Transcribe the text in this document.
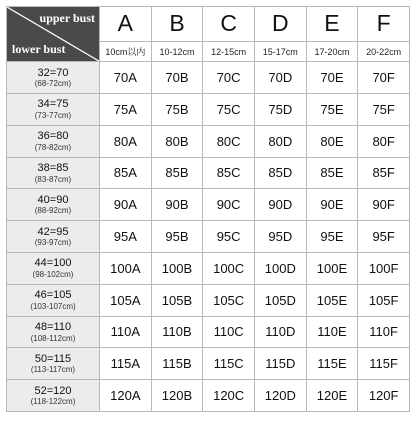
upper bust
lower bust	A	B	C	D	E	F
	10cm以内	10-12cm	12-15cm	15-17cm	17-20cm	20-22cm

32=70
(68-72cm)	70A	70B	70C	70D	70E	70F

34=75
(73-77cm)	75A	75B	75C	75D	75E	75F

36=80
(78-82cm)	80A	80B	80C	80D	80E	80F

38=85
(83-87cm)	85A	85B	85C	85D	85E	85F

40=90
(88-92cm)	90A	90B	90C	90D	90E	90F

42=95
(93-97cm)	95A	95B	95C	95D	95E	95F

44=100
(98-102cm)	100A	100B	100C	100D	100E	100F

46=105
(103-107cm)	105A	105B	105C	105D	105E	105F

48=110
(108-112cm)	110A	110B	110C	110D	110E	110F

50=115
(113-117cm)	115A	115B	115C	115D	115E	115F

52=120
(118-122cm)	120A	120B	120C	120D	120E	120F
